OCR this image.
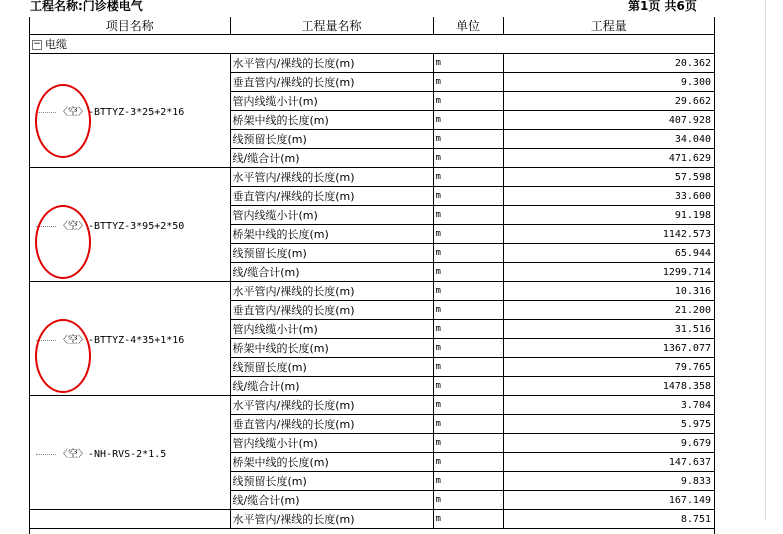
工程名称:门诊楼电气	第1页 共6页
项目名称	工程量名称	单位	工程量
− 电缆			
〈空〉-BTTYZ-3*25+2*16	水平管内/裸线的长度(m)	m	20.362
	垂直管内/裸线的长度(m)	m	9.300
	管内线缆小计(m)	m	29.662
	桥架中线的长度(m)	m	407.928
	线预留长度(m)	m	34.040
	线/缆合计(m)	m	471.629
〈空〉-BTTYZ-3*95+2*50	水平管内/裸线的长度(m)	m	57.598
	垂直管内/裸线的长度(m)	m	33.600
	管内线缆小计(m)	m	91.198
	桥架中线的长度(m)	m	1142.573
	线预留长度(m)	m	65.944
	线/缆合计(m)	m	1299.714
〈空〉-BTTYZ-4*35+1*16	水平管内/裸线的长度(m)	m	10.316
	垂直管内/裸线的长度(m)	m	21.200
	管内线缆小计(m)	m	31.516
	桥架中线的长度(m)	m	1367.077
	线预留长度(m)	m	79.765
	线/缆合计(m)	m	1478.358
〈空〉-NH-RVS-2*1.5	水平管内/裸线的长度(m)	m	3.704
	垂直管内/裸线的长度(m)	m	5.975
	管内线缆小计(m)	m	9.679
	桥架中线的长度(m)	m	147.637
	线预留长度(m)	m	9.833
	线/缆合计(m)	m	167.149
	水平管内/裸线的长度(m)	m	8.751
